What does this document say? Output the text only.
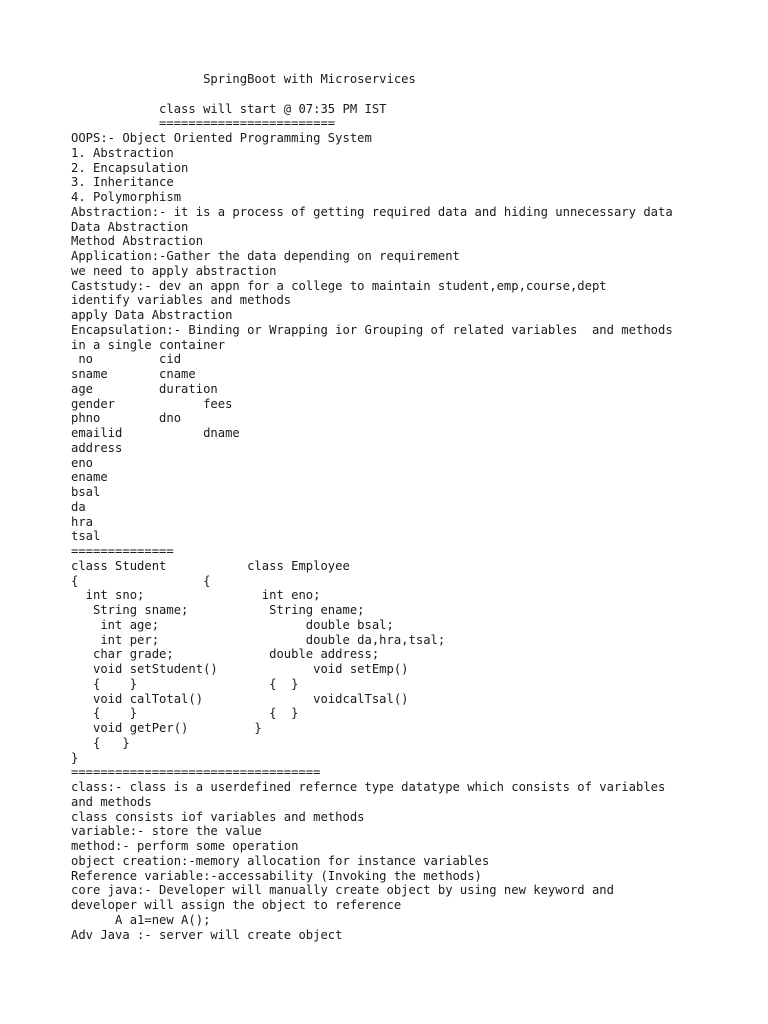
SpringBoot with Microservices

class will start @ 07:35 PM IST
========================
OOPS:- Object Oriented Programming System
1. Abstraction
2. Encapsulation
3. Inheritance
4. Polymorphism
Abstraction:- it is a process of getting required data and hiding unnecessary data
Data Abstraction
Method Abstraction
Application:-Gather the data depending on requirement
we need to apply abstraction
Caststudy:- dev an appn for a college to maintain student,emp,course,dept
identify variables and methods
apply Data Abstraction
Encapsulation:- Binding or Wrapping ior Grouping of related variables  and methods
in a single container
no         cid
sname       cname
age         duration
gender            fees
phno        dno
emailid           dname
address
eno
ename
bsal
da
hra
tsal
==============
class Student           class Employee
{                 {
int sno;                int eno;
String sname;           String ename;
int age;                    double bsal;
int per;                    double da,hra,tsal;
char grade;             double address;
void setStudent()             void setEmp()
{    }                  {  }
void calTotal()               voidcalTsal()
{    }                  {  }
void getPer()         }
{   }
}
==================================
class:- class is a userdefined refernce type datatype which consists of variables
and methods
class consists iof variables and methods
variable:- store the value
method:- perform some operation
object creation:-memory allocation for instance variables
Reference variable:-accessability (Invoking the methods)
core java:- Developer will manually create object by using new keyword and
developer will assign the object to reference
A a1=new A();
Adv Java :- server will create object
